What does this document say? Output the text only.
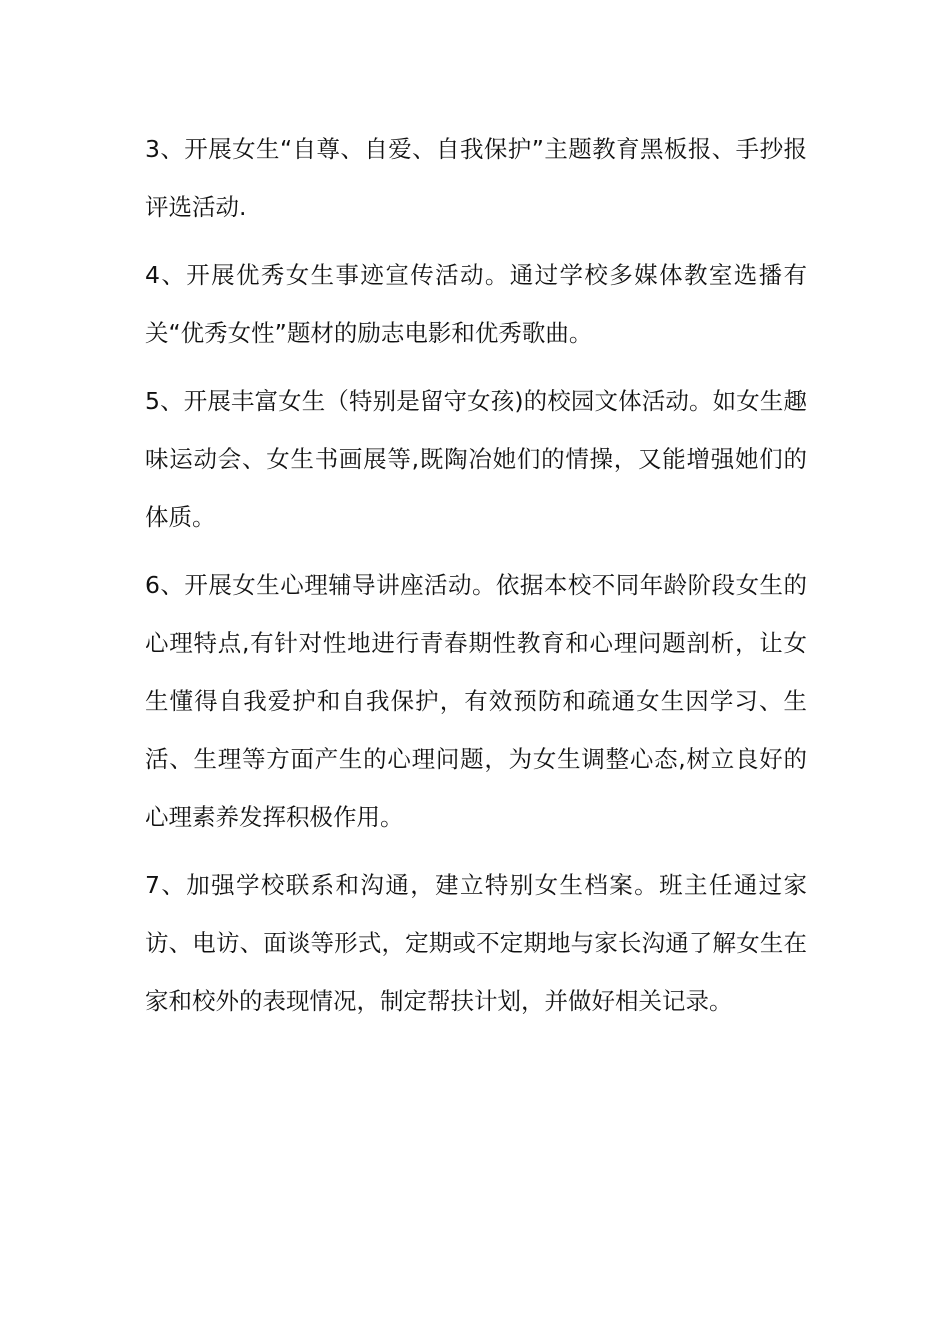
3、开展女生“自尊、自爱、自我保护”主题教育黑板报、手抄报评选活动.

4、开展优秀女生事迹宣传活动。通过学校多媒体教室选播有关“优秀女性”题材的励志电影和优秀歌曲。

5、开展丰富女生（特别是留守女孩)的校园文体活动。如女生趣味运动会、女生书画展等,既陶冶她们的情操，又能增强她们的体质。

6、开展女生心理辅导讲座活动。依据本校不同年龄阶段女生的心理特点,有针对性地进行青春期性教育和心理问题剖析，让女生懂得自我爱护和自我保护，有效预防和疏通女生因学习、生活、生理等方面产生的心理问题，为女生调整心态,树立良好的心理素养发挥积极作用。

7、加强学校联系和沟通，建立特别女生档案。班主任通过家访、电访、面谈等形式，定期或不定期地与家长沟通了解女生在家和校外的表现情况，制定帮扶计划，并做好相关记录。
